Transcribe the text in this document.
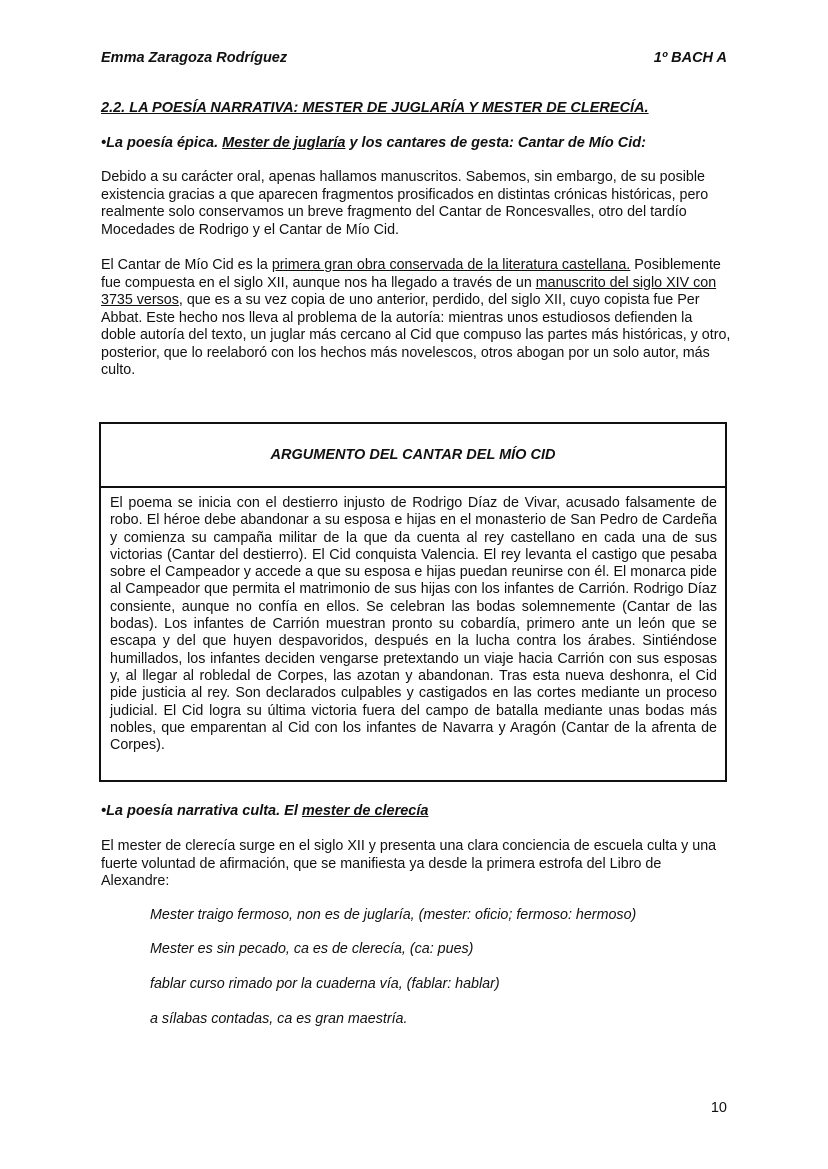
Emma Zaragoza Rodríguez	1º BACH A
2.2. LA POESÍA NARRATIVA: MESTER DE JUGLARÍA Y MESTER DE CLERECÍA.
•La poesía épica. Mester de juglaría y los cantares de gesta: Cantar de Mío Cid:
Debido a su carácter oral, apenas hallamos manuscritos. Sabemos, sin embargo, de su posible existencia gracias a que aparecen fragmentos prosificados en distintas crónicas históricas, pero realmente solo conservamos un breve fragmento del Cantar de Roncesvalles, otro del tardío Mocedades de Rodrigo y el Cantar de Mío Cid.
El Cantar de Mío Cid es la primera gran obra conservada de la literatura castellana. Posiblemente fue compuesta en el siglo XII, aunque nos ha llegado a través de un manuscrito del siglo XIV con 3735 versos, que es a su vez copia de uno anterior, perdido, del siglo XII, cuyo copista fue Per Abbat. Este hecho nos lleva al problema de la autoría: mientras unos estudiosos defienden la doble autoría del texto, un juglar más cercano al Cid que compuso las partes más históricas, y otro, posterior, que lo reelaboró con los hechos más novelescos, otros abogan por un solo autor, más culto.
ARGUMENTO DEL CANTAR DEL MÍO CID
El poema se inicia con el destierro injusto de Rodrigo Díaz de Vivar, acusado falsamente de robo. El héroe debe abandonar a su esposa e hijas en el monasterio de San Pedro de Cardeña y comienza su campaña militar de la que da cuenta al rey castellano en cada una de sus victorias (Cantar del destierro). El Cid conquista Valencia. El rey levanta el castigo que pesaba sobre el Campeador y accede a que su esposa e hijas puedan reunirse con él. El monarca pide al Campeador que permita el matrimonio de sus hijas con los infantes de Carrión. Rodrigo Díaz consiente, aunque no confía en ellos. Se celebran las bodas solemnemente (Cantar de las bodas). Los infantes de Carrión muestran pronto su cobardía, primero ante un león que se escapa y del que huyen despavoridos, después en la lucha contra los árabes. Sintiéndose humillados, los infantes deciden vengarse pretextando un viaje hacia Carrión con sus esposas y, al llegar al robledal de Corpes, las azotan y abandonan. Tras esta nueva deshonra, el Cid pide justicia al rey. Son declarados culpables y castigados en las cortes mediante un proceso judicial. El Cid logra su última victoria fuera del campo de batalla mediante unas bodas más nobles, que emparentan al Cid con los infantes de Navarra y Aragón (Cantar de la afrenta de Corpes).
•La poesía narrativa culta. El mester de clerecía
El mester de clerecía surge en el siglo XII y presenta una clara conciencia de escuela culta y una fuerte voluntad de afirmación, que se manifiesta ya desde la primera estrofa del Libro de Alexandre:
Mester traigo fermoso, non es de juglaría, (mester: oficio; fermoso: hermoso)
Mester es sin pecado, ca es de clerecía, (ca: pues)
fablar curso rimado por la cuaderna vía, (fablar: hablar)
a sílabas contadas, ca es gran maestría.
10
